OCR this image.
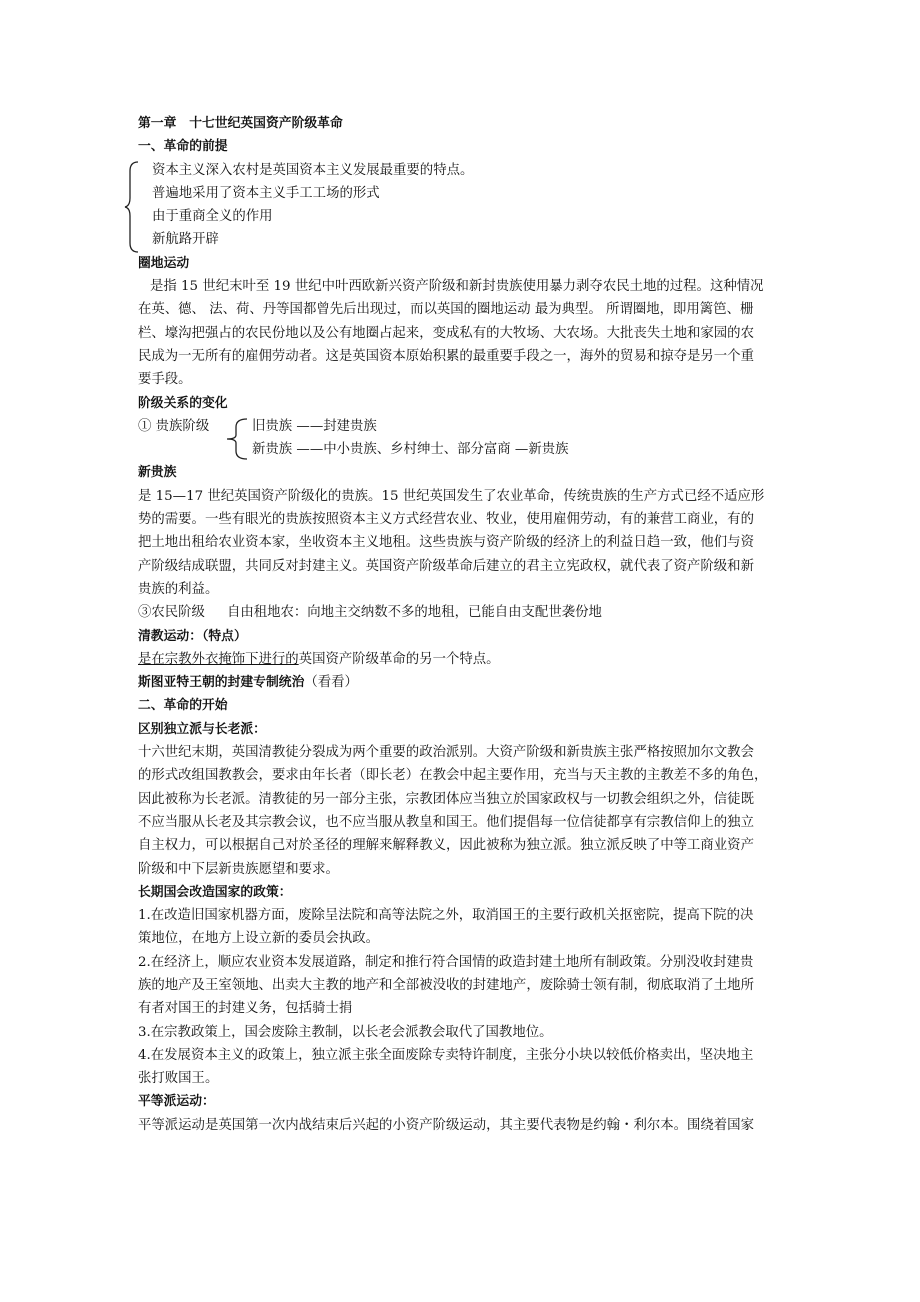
第一章　十七世纪英国资产阶级革命
一、革命的前提
资本主义深入农村是英国资本主义发展最重要的特点。
普遍地采用了资本主义手工工场的形式
由于重商全义的作用
新航路开辟
圈地运动
是指 15 世纪末叶至 19 世纪中叶西欧新兴资产阶级和新封贵族使用暴力剥夺农民土地的过程。这种情况
在英、德、 法、荷、丹等国都曾先后出现过，而以英国的圈地运动 最为典型。 所谓圈地，即用篱笆、栅
栏、壕沟把强占的农民份地以及公有地圈占起来，变成私有的大牧场、大农场。大批丧失土地和家园的农
民成为一无所有的雇佣劳动者。这是英国资本原始积累的最重要手段之一，海外的贸易和掠夺是另一个重
要手段。
阶级关系的变化
① 贵族阶级	旧贵族 ——封建贵族
新贵族 ——中小贵族、乡村绅士、部分富商 —新贵族
新贵族
是 15—17 世纪英国资产阶级化的贵族。15 世纪英国发生了农业革命，传统贵族的生产方式已经不适应形
势的需要。一些有眼光的贵族按照资本主义方式经营农业、牧业，使用雇佣劳动，有的兼营工商业，有的
把土地出租给农业资本家，坐收资本主义地租。这些贵族与资产阶级的经济上的利益日趋一致，他们与资
产阶级结成联盟，共同反对封建主义。英国资产阶级革命后建立的君主立宪政权，就代表了资产阶级和新
贵族的利益。
③农民阶级 自由租地农：向地主交纳数不多的地租，已能自由支配世袭份地
清教运动：（特点）
是在宗教外衣掩饰下进行的英国资产阶级革命的另一个特点。
斯图亚特王朝的封建专制统治（看看）
二、革命的开始
区别独立派与长老派：
十六世纪末期，英国清教徒分裂成为两个重要的政治派别。大资产阶级和新贵族主张严格按照加尔文教会
的形式改组国教教会，要求由年长者（即长老）在教会中起主要作用，充当与天主教的主教差不多的角色，
因此被称为长老派。清教徒的另一部分主张，宗教团体应当独立於国家政权与一切教会组织之外，信徒既
不应当服从长老及其宗教会议，也不应当服从教皇和国王。他们提倡每一位信徒都享有宗教信仰上的独立
自主权力，可以根据自己对於圣径的理解来解释教义，因此被称为独立派。独立派反映了中等工商业资产
阶级和中下层新贵族愿望和要求。
长期国会改造国家的政策：
1.在改造旧国家机器方面，废除呈法院和高等法院之外，取消国王的主要行政机关抠密院，提高下院的决
策地位，在地方上设立新的委员会执政。
2.在经济上，顺应农业资本发展道路，制定和推行符合国情的政造封建土地所有制政策。分别没收封建贵
族的地产及王室领地、出卖大主教的地产和全部被没收的封建地产，废除骑士领有制，彻底取消了土地所
有者对国王的封建义务，包括骑士捐
3.在宗教政策上，国会废除主教制，以长老会派教会取代了国教地位。
4.在发展资本主义的政策上，独立派主张全面废除专卖特许制度，主张分小块以较低价格卖出，坚决地主
张打败国王。
平等派运动：
平等派运动是英国第一次内战结束后兴起的小资产阶级运动，其主要代表物是约翰・利尔本。围绕着国家
